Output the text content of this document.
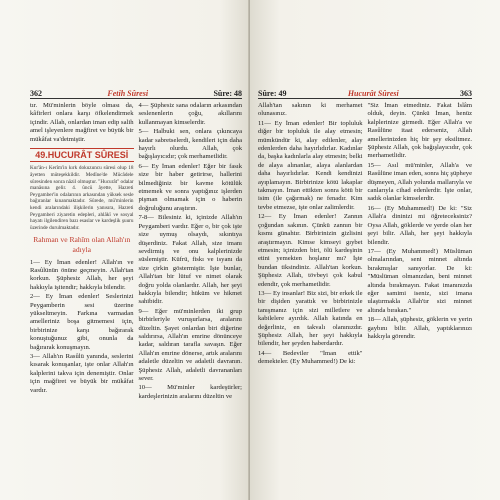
362	Fetih Sûresi	Sûre: 48

tır. Mü'minlerin böyle olması da, kâfirleri onlara karşı öfkelendirmek içindir. Allah, onlardan iman edip salih amel işleyenlere mağfiret ve büyük bir mükâfat va'detmiştir.

49.HUCURÂT SÛRESİ

Kur'ân-ı Kerîm'in kırk dokuzuncu sûresi olup 18 âyetten müteşekkildir. Medîne'de Mücâdele sûresinden sonra nâzil olmuştur. "Hucurât" odalar manâsına gelir. 4. ûncü âyette, Hazreti Peygamber'in odalarının arkasından yüksek sesle bağıranlar kınanmaktadır. Sûrede, mü'minlerin kendi aralarındaki ilişkilerin yanısıra, Hazreti Peygamberi ziyaretin edepleri, ahlâkî ve sosyal hayatı ilgilendiren bazı esaslar ve kardeşlik şuuru üzerinde durulmaktadır.

Rahman ve Rahîm olan Allah'ın adıyla

1— Ey İman edenler! Allah'ın ve Rasûlünün önüne geçmeyin. Allah'tan korkun. Şüphesiz Allah, her şeyi hakkıyla işitendir; hakkıyla bilendir.

2— Ey İman edenler! Seslerinizi Peygamberin sesi üzerine yükseltmeyin. Farkına varmadan amelleriniz boşa gitmemesi için, birbirinize karşı bağırarak konuştuğunuz gibi, onunla da bağırarak konuşmayın.

3— Allah'ın Rasûlü yanında, seslerini kısarak konuşanlar, işte onlar Allah'ın kalplerini takva için denemiştir. Onlar için mağfiret ve büyük bir mükâfat vardır.

4— Şüphesiz sana odaların arkasından seslenenlerin çoğu, akıllarını kullanmayan kimselerdir.

5— Halbuki sen, onlara çıkıncaya kadar sabretselerdi, kendileri için daha hayırlı olurdu. Allah, çok bağışlayıcıdır; çok merhametlidir.

6— Ey İman edenler! Eğer bir fasık size bir haber getirirse, hallerini bilmediğiniz bir kavme kötülük etmemek ve sonra yaptığınız işlerden pişman olmamak için o haberin doğruluğunu araştırın.

7-8— Bilesiniz ki, içinizde Allah'ın Peygamberi vardır. Eğer o, bir çok işte size uymuş olsaydı, sıkıntıya düşerdiniz. Fakat Allah, size imanı sevdirmiş ve onu kalplerinizde süslemiştir. Küfrü, fiskı ve isyanı da size çirkin göstermiştir. İşte bunlar, Allah'tan bir lütuf ve nimet olarak doğru yolda olanlardır. Allah, her şeyi hakkıyla bilendir; hüküm ve hikmet sahibidir.

9— Eğer mü'minlerden iki grup birbirleriyle vuruşurlarsa, aralarını düzeltin. Şayet onlardan biri diğerine saldırırsa, Allah'ın emrine dönünceye kadar, saldıran tarafla savaşın. Eğer Allah'ın emrine dönerse, artık aralarını adaletle düzeltin ve adaletli davranın. Şüphesiz Allah, adaletli davrananları sever.

10— Mü'minler kardeştirler; kardeşlerinizin aralarını düzeltin ve

Sûre: 49	Hucurât Sûresi	363

Allah'tan sakının ki merhamet olunasınız.

11— Ey İman edenler! Bir topluluk diğer bir topluluk ile alay etmesin; mümkündür ki, alay edilenler, alay edenlerden daha hayırlıdırlar. Kadınlar da, başka kadınlarla alay etmesin; belki de alaya alınanlar, alaya alanlardan daha hayırlıdırlar. Kendi kendinizi ayıplamayın. Birbirinize kötü lakaplar takmayın. İman ettikten sonra kötü bir isim (ile çağırmak) ne fenadır. Kim tevbe etmezse, işte onlar zalimlerdir.

12— Ey İman edenler! Zannın çoğundan sakının. Çünkü zannın bir kısmı günahtır. Birbirinizin gizlisini araştırmayın. Kimse kimseyi gıybet etmesin; içinizden biri, ölü kardeşinin etini yemekten hoşlanır mı? İşte bundan tiksindiniz. Allah'tan korkun. Şüphesiz Allah, tövbeyi çok kabul edendir, çok merhametlidir.

13— Ey insanlar! Biz sizi, bir erkek ile bir dişiden yarattık ve birbirinizle tanışmanız için sizi milletlere ve kabilelere ayırdık. Allah katında en değerliniz, en takvalı olanınızdır. Şüphesiz Allah, her şeyi hakkıyla bilendir, her şeyden haberdardır.

14— Bedeviler "İman ettik" demekteler. (Ey Muhammed!) De ki:

"Siz İman etmediniz. Fakat İslâm olduk, deyin. Çünkü İman, henüz kalplerinize girmedi. Eğer Allah'a ve Rasûlüne itaat ederseniz, Allah amellerinizden hiç bir şey eksiltmez. Şüphesiz Allah, çok bağışlayıcıdır, çok merhametlidir.

15— Asıl mü'minler, Allah'a ve Rasûlüne iman eden, sonra hiç şüpheye düşmeyen, Allah yolunda mallarıyla ve canlarıyla cihad edenlerdir. İşte onlar, sadık olanlar kimselerdir.

16— (Ey Muhammed!) De ki: "Siz Allah'a dininizi mi öğreteceksiniz? Oysa Allah, göklerde ve yerde olan her şeyi bilir. Allah, her şeyi hakkıyla bilendir.

17— (Ey Muhammed!) Müslüman olmalarından, seni minnet altında bırakmışlar sanıyorlar. De ki: "Müslüman olmanızdan, beni minnet altında bırakmayın. Fakat imanınızda eğer samimi iseniz, sizi imana ulaştırmakla Allah'tır sizi minnet altında bırakan."

18— Allah, şüphesiz, göklerin ve yerin gaybını bilir. Allah, yaptıklarınızı hakkıyla görendir.
